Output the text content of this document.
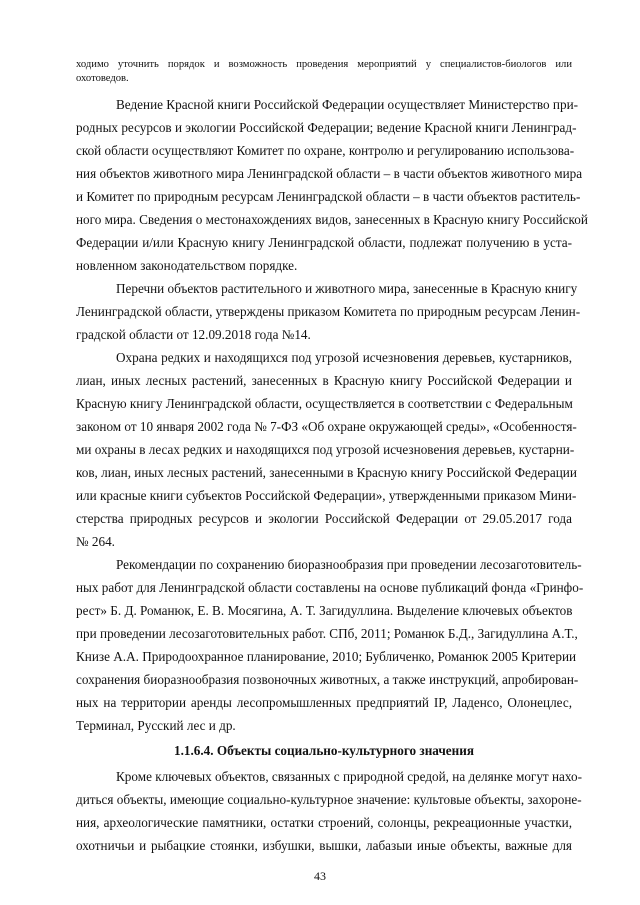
ходимо уточнить порядок и возможность проведения мероприятий у специалистов-биологов или
охотоведов.
Ведение Красной книги Российской Федерации осуществляет Министерство при-
родных ресурсов и экологии Российской Федерации; ведение Красной книги Ленинград-
ской области осуществляют Комитет по охране, контролю и регулированию использова-
ния объектов животного мира Ленинградской области – в части объектов животного мира
и Комитет по природным ресурсам Ленинградской области – в части объектов раститель-
ного мира. Сведения о местонахождениях видов, занесенных в Красную книгу Российской
Федерации и/или Красную книгу Ленинградской области, подлежат получению в уста-
новленном законодательством порядке.
Перечни объектов растительного и животного мира, занесенные в Красную книгу
Ленинградской области, утверждены приказом Комитета по природным ресурсам Ленин-
градской области от 12.09.2018 года №14.
Охрана редких и находящихся под угрозой исчезновения деревьев, кустарников,
лиан, иных лесных растений, занесенных в Красную книгу Российской Федерации и
Красную книгу Ленинградской области, осуществляется в соответствии с Федеральным
законом от 10 января 2002 года № 7-ФЗ «Об охране окружающей среды», «Особенностя-
ми охраны в лесах редких и находящихся под угрозой исчезновения деревьев, кустарни-
ков, лиан, иных лесных растений, занесенными в Красную книгу Российской Федерации
или красные книги субъектов Российской Федерации», утвержденными приказом Мини-
стерства природных ресурсов и экологии Российской Федерации от 29.05.2017 года
№ 264.
Рекомендации по сохранению биоразнообразия при проведении лесозаготовитель-
ных работ для Ленинградской области составлены на основе публикаций фонда «Гринфо-
рест» Б. Д. Романюк, Е. В. Мосягина, А. Т. Загидуллина. Выделение ключевых объектов
при проведении лесозаготовительных работ. СПб, 2011; Романюк Б.Д., Загидуллина А.Т.,
Книзе А.А. Природоохранное планирование, 2010; Бубличенко, Романюк 2005 Критерии
сохранения биоразнообразия позвоночных животных, а также инструкций, апробирован-
ных на территории аренды лесопромышленных предприятий IP, Ладенсо, Олонецлес,
Терминал, Русский лес и др.
1.1.6.4. Объекты социально-культурного значения
Кроме ключевых объектов, связанных с природной средой, на делянке могут нахо-
диться объекты, имеющие социально-культурное значение: культовые объекты, захороне-
ния, археологические памятники, остатки строений, солонцы, рекреационные участки,
охотничьи и рыбацкие стоянки, избушки, вышки, лабазыи иные объекты, важные для
43
